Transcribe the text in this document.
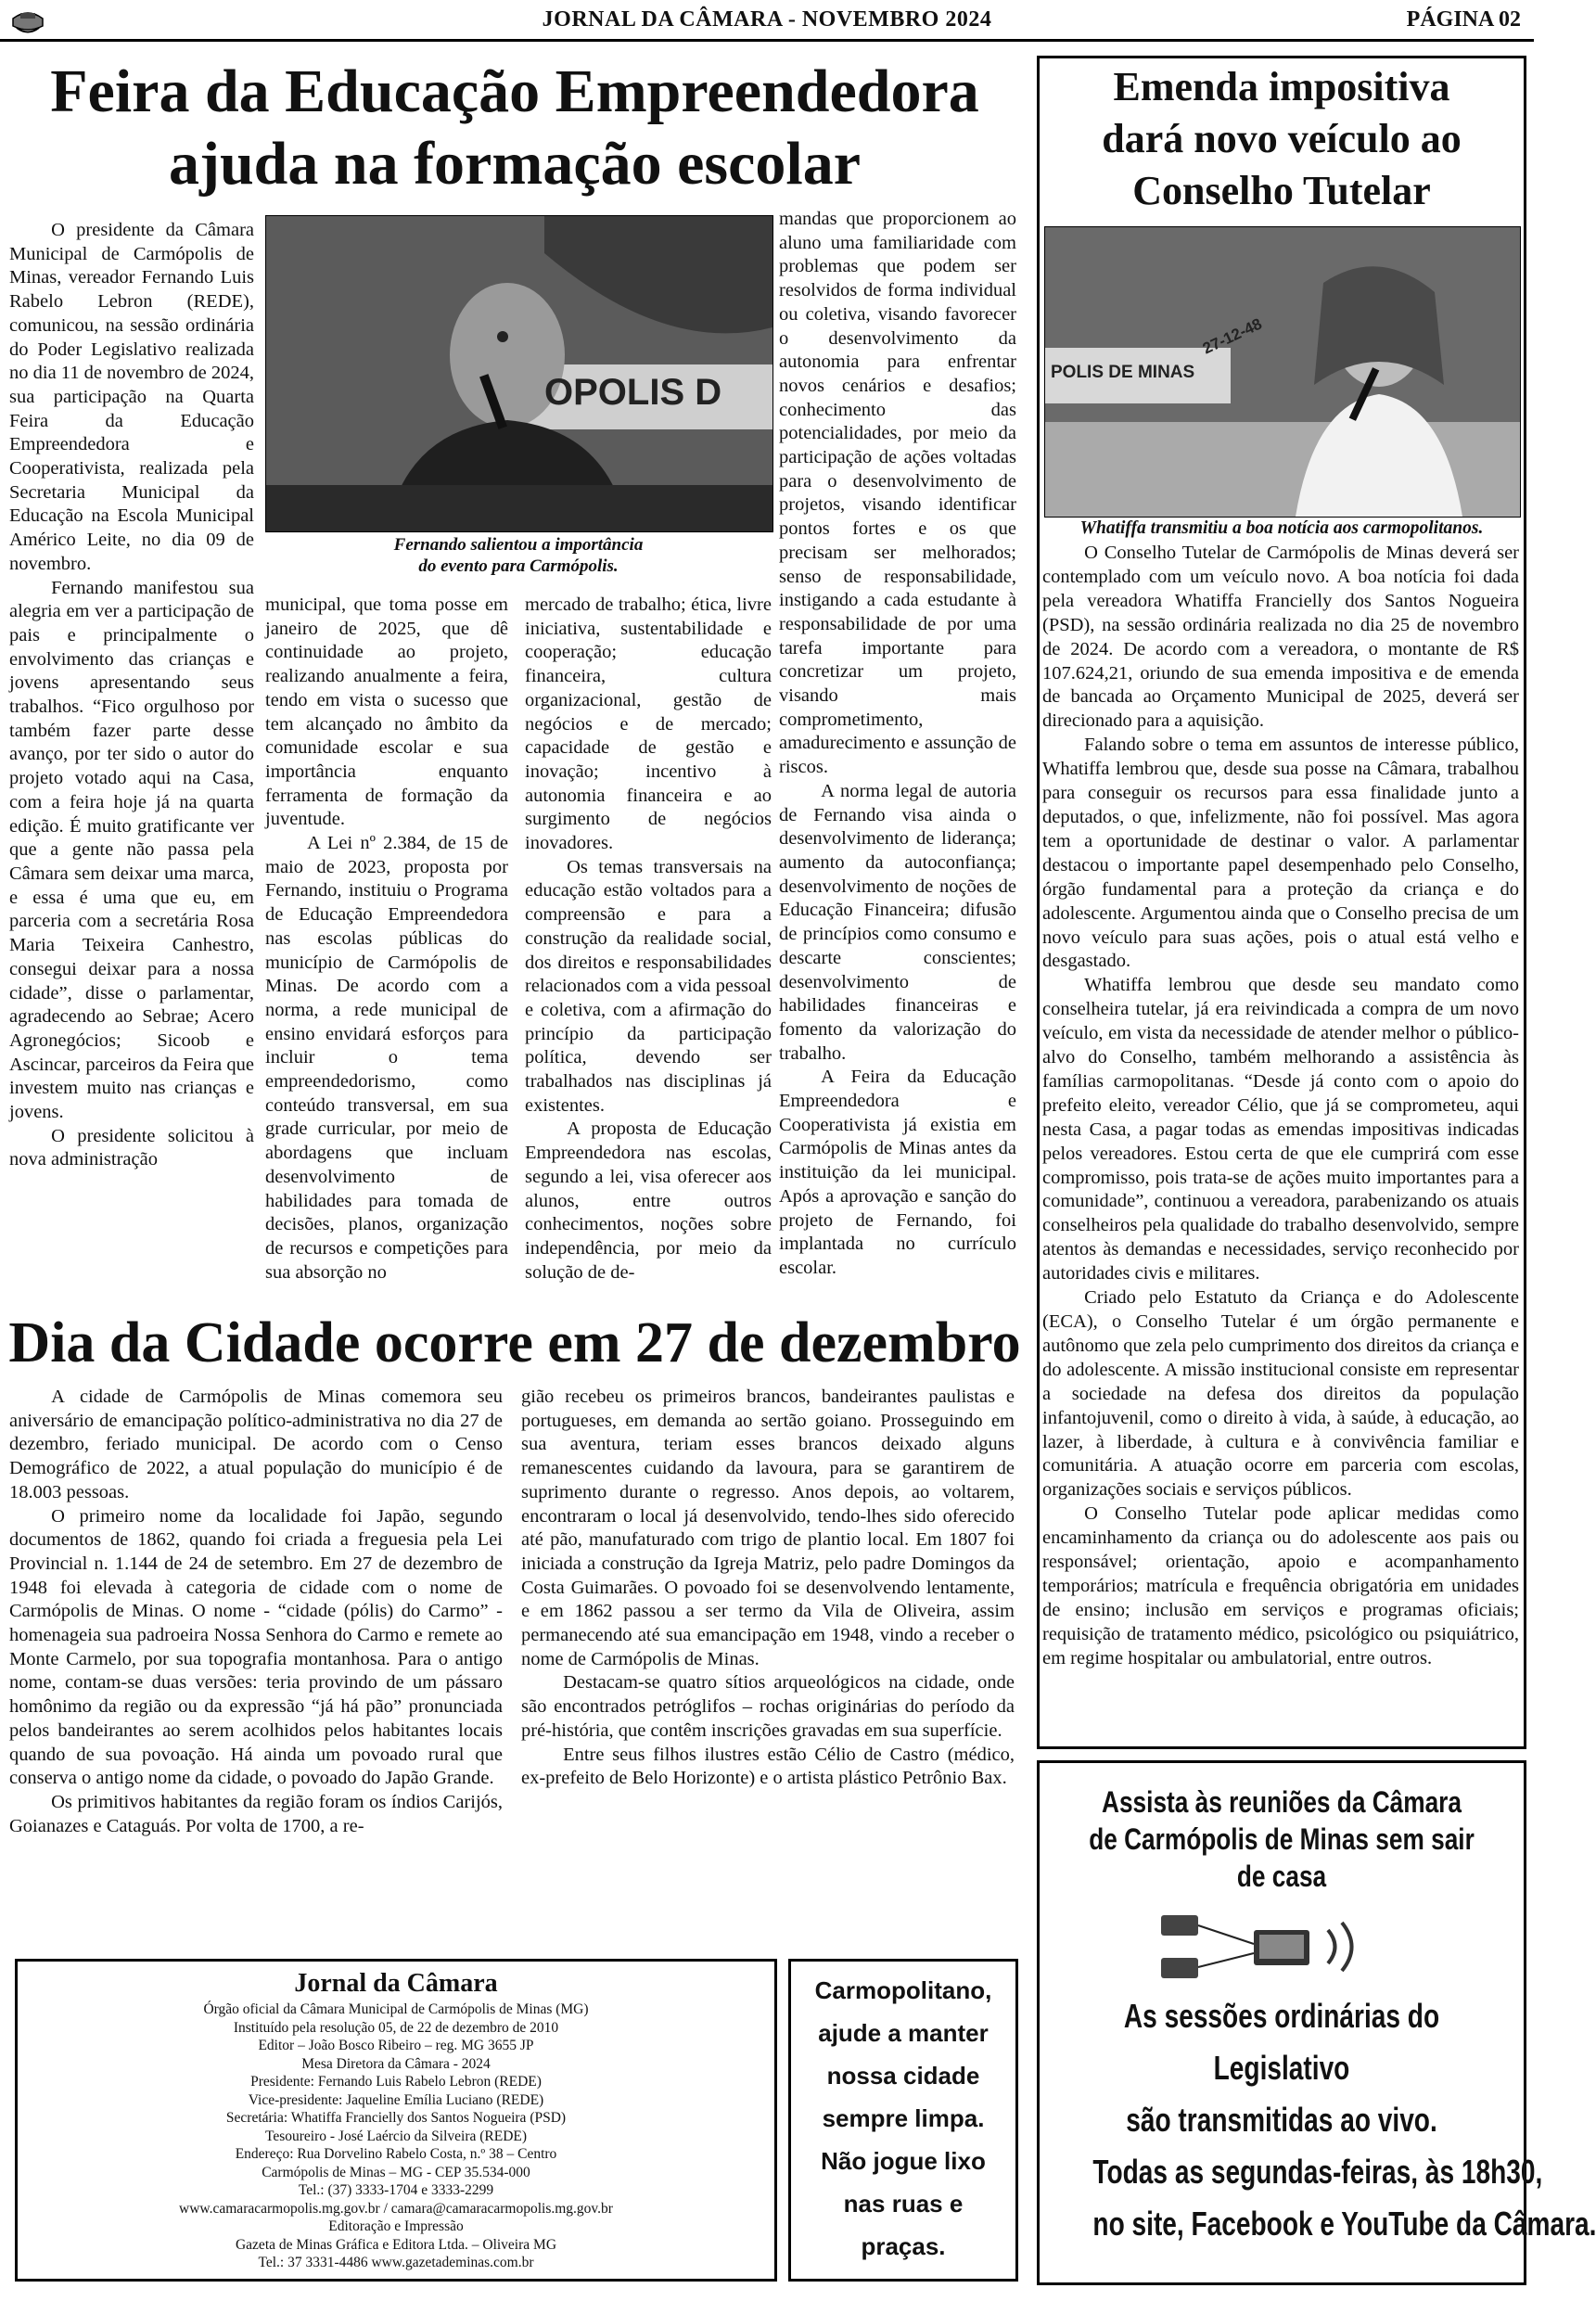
JORNAL DA CÂMARA - NOVEMBRO 2024	PÁGINA 02
Feira da Educação Empreendedora
ajuda na formação escolar

O presidente da Câmara Municipal de Carmópolis de Minas, vereador Fernando Luis Rabelo Lebron (REDE), comunicou, na sessão ordinária do Poder Legislativo realizada no dia 11 de novembro de 2024, sua participação na Quarta Feira da Educação Empreendedora e Cooperativista, realizada pela Secretaria Municipal da Educação na Escola Municipal Américo Leite, no dia 09 de novembro.

Fernando manifestou sua alegria em ver a participação de pais e principalmente o envolvimento das crianças e jovens apresentando seus trabalhos. “Fico orgulhoso por também fazer parte desse avanço, por ter sido o autor do projeto votado aqui na Casa, com a feira hoje já na quarta edição. É muito gratificante ver que a gente não passa pela Câmara sem deixar uma marca, e essa é uma que eu, em parceria com a secretária Rosa Maria Teixeira Canhestro, consegui deixar para a nossa cidade”, disse o parlamentar, agradecendo ao Sebrae; Acero Agronegócios; Sicoob e Ascincar, parceiros da Feira que investem muito nas crianças e jovens.

O presidente solicitou à nova administração

OPOLIS D
Fernando salientou a importância
do evento para Carmópolis.

municipal, que toma posse em janeiro de 2025, que dê continuidade ao projeto, realizando anualmente a feira, tendo em vista o sucesso que tem alcançado no âmbito da comunidade escolar e sua importância enquanto ferramenta de formação da juventude.

A Lei nº 2.384, de 15 de maio de 2023, proposta por Fernando, instituiu o Programa de Educação Empreendedora nas escolas públicas do município de Carmópolis de Minas. De acordo com a norma, a rede municipal de ensino envidará esforços para incluir o tema empreendedorismo, como conteúdo transversal, em sua grade curricular, por meio de abordagens que incluam desenvolvimento de habilidades para tomada de decisões, planos, organização de recursos e competições para sua absorção no

mercado de trabalho; ética, livre iniciativa, sustentabilidade e cooperação; educação financeira, cultura organizacional, gestão de negócios e de mercado; capacidade de gestão e inovação; incentivo à autonomia financeira e ao surgimento de negócios inovadores.

Os temas transversais na educação estão voltados para a compreensão e para a construção da realidade social, dos direitos e responsabilidades relacionados com a vida pessoal e coletiva, com a afirmação do princípio da participação política, devendo ser trabalhados nas disciplinas já existentes.

A proposta de Educação Empreendedora nas escolas, segundo a lei, visa oferecer aos alunos, entre outros conhecimentos, noções sobre independência, por meio da solução de de-

mandas que proporcionem ao aluno uma familiaridade com problemas que podem ser resolvidos de forma individual ou coletiva, visando favorecer o desenvolvimento da autonomia para enfrentar novos cenários e desafios; conhecimento das potencialidades, por meio da participação de ações voltadas para o desenvolvimento de projetos, visando identificar pontos fortes e os que precisam ser melhorados; senso de responsabilidade, instigando a cada estudante à responsabilidade de por uma tarefa importante para concretizar um projeto, visando mais comprometimento, amadurecimento e assunção de riscos.

A norma legal de autoria de Fernando visa ainda o desenvolvimento de liderança; aumento da autoconfiança; desenvolvimento de noções de Educação Financeira; difusão de princípios como consumo e descarte conscientes; desenvolvimento de habilidades financeiras e fomento da valorização do trabalho.

A Feira da Educação Empreendedora e Cooperativista já existia em Carmópolis de Minas antes da instituição da lei municipal. Após a aprovação e sanção do projeto de Fernando, foi implantada no currículo escolar.

Emenda impositiva
dará novo veículo ao
Conselho Tutelar
POLIS DE MINAS
27-12-48
Whatiffa transmitiu a boa notícia aos carmopolitanos.

O Conselho Tutelar de Carmópolis de Minas deverá ser contemplado com um veículo novo. A boa notícia foi dada pela vereadora Whatiffa Francielly dos Santos Nogueira (PSD), na sessão ordinária realizada no dia 25 de novembro de 2024. De acordo com a vereadora, o montante de R$ 107.624,21, oriundo de sua emenda impositiva e de emenda de bancada ao Orçamento Municipal de 2025, deverá ser direcionado para a aquisição.

Falando sobre o tema em assuntos de interesse público, Whatiffa lembrou que, desde sua posse na Câmara, trabalhou para conseguir os recursos para essa finalidade junto a deputados, o que, infelizmente, não foi possível. Mas agora tem a oportunidade de destinar o valor. A parlamentar destacou o importante papel desempenhado pelo Conselho, órgão fundamental para a proteção da criança e do adolescente. Argumentou ainda que o Conselho precisa de um novo veículo para suas ações, pois o atual está velho e desgastado.

Whatiffa lembrou que desde seu mandato como conselheira tutelar, já era reivindicada a compra de um novo veículo, em vista da necessidade de atender melhor o público-alvo do Conselho, também melhorando a assistência às famílias carmopolitanas. “Desde já conto com o apoio do prefeito eleito, vereador Célio, que já se comprometeu, aqui nesta Casa, a pagar todas as emendas impositivas indicadas pelos vereadores. Estou certa de que ele cumprirá com esse compromisso, pois trata-se de ações muito importantes para a comunidade”, continuou a vereadora, parabenizando os atuais conselheiros pela qualidade do trabalho desenvolvido, sempre atentos às demandas e necessidades, serviço reconhecido por autoridades civis e militares.

Criado pelo Estatuto da Criança e do Adolescente (ECA), o Conselho Tutelar é um órgão permanente e autônomo que zela pelo cumprimento dos direitos da criança e do adolescente. A missão institucional consiste em representar a sociedade na defesa dos direitos da população infantojuvenil, como o direito à vida, à saúde, à educação, ao lazer, à liberdade, à cultura e à convivência familiar e comunitária. A atuação ocorre em parceria com escolas, organizações sociais e serviços públicos.

O Conselho Tutelar pode aplicar medidas como encaminhamento da criança ou do adolescente aos pais ou responsável; orientação, apoio e acompanhamento temporários; matrícula e frequência obrigatória em unidades de ensino; inclusão em serviços e programas oficiais; requisição de tratamento médico, psicológico ou psiquiátrico, em regime hospitalar ou ambulatorial, entre outros.

Dia da Cidade ocorre em 27 de dezembro

A cidade de Carmópolis de Minas comemora seu aniversário de emancipação político-administrativa no dia 27 de dezembro, feriado municipal. De acordo com o Censo Demográfico de 2022, a atual população do município é de 18.003 pessoas.

O primeiro nome da localidade foi Japão, segundo documentos de 1862, quando foi criada a freguesia pela Lei Provincial n. 1.144 de 24 de setembro. Em 27 de dezembro de 1948 foi elevada à categoria de cidade com o nome de Carmópolis de Minas. O nome - “cidade (pólis) do Carmo” - homenageia sua padroeira Nossa Senhora do Carmo e remete ao Monte Carmelo, por sua topografia montanhosa. Para o antigo nome, contam-se duas versões: teria provindo de um pássaro homônimo da região ou da expressão “já há pão” pronunciada pelos bandeirantes ao serem acolhidos pelos habitantes locais quando de sua povoação. Há ainda um povoado rural que conserva o antigo nome da cidade, o povoado do Japão Grande.

Os primitivos habitantes da região foram os índios Carijós, Goianazes e Cataguás. Por volta de 1700, a re-

gião recebeu os primeiros brancos, bandeirantes paulistas e portugueses, em demanda ao sertão goiano. Prosseguindo em sua aventura, teriam esses brancos deixado alguns remanescentes cuidando da lavoura, para se garantirem de suprimento durante o regresso. Anos depois, ao voltarem, encontraram o local já desenvolvido, tendo-lhes sido oferecido até pão, manufaturado com trigo de plantio local. Em 1807 foi iniciada a construção da Igreja Matriz, pelo padre Domingos da Costa Guimarães. O povoado foi se desenvolvendo lentamente, e em 1862 passou a ser termo da Vila de Oliveira, assim permanecendo até sua emancipação em 1948, vindo a receber o nome de Carmópolis de Minas.

Destacam-se quatro sítios arqueológicos na cidade, onde são encontrados petróglifos – rochas originárias do período da pré-história, que contêm inscrições gravadas em sua superfície.

Entre seus filhos ilustres estão Célio de Castro (médico, ex-prefeito de Belo Horizonte) e o artista plástico Petrônio Bax.

Jornal da Câmara
Órgão oficial da Câmara Municipal de Carmópolis de Minas (MG)
Instituído pela resolução 05, de 22 de dezembro de 2010
Editor – João Bosco Ribeiro – reg. MG 3655 JP
Mesa Diretora da Câmara - 2024
Presidente: Fernando Luis Rabelo Lebron (REDE)
Vice-presidente: Jaqueline Emília Luciano (REDE)
Secretária: Whatiffa Francielly dos Santos Nogueira (PSD)
Tesoureiro - José Laércio da Silveira (REDE)
Endereço: Rua Dorvelino Rabelo Costa, n.º 38 – Centro
Carmópolis de Minas – MG - CEP 35.534-000
Tel.: (37) 3333-1704 e 3333-2299
www.camaracarmopolis.mg.gov.br / camara@camaracarmopolis.mg.gov.br
Editoração e Impressão
Gazeta de Minas Gráfica e Editora Ltda. – Oliveira MG
Tel.: 37 3331-4486 www.gazetademinas.com.br
Carmopolitano,
ajude a manter
nossa cidade
sempre limpa.
Não jogue lixo
nas ruas e
praças.
Assista às reuniões da Câmara
de Carmópolis de Minas sem sair de casa
As sessões ordinárias do
Legislativo
são transmitidas ao vivo.
Todas as segundas-feiras, às 18h30,
no site, Facebook e YouTube da Câmara.
